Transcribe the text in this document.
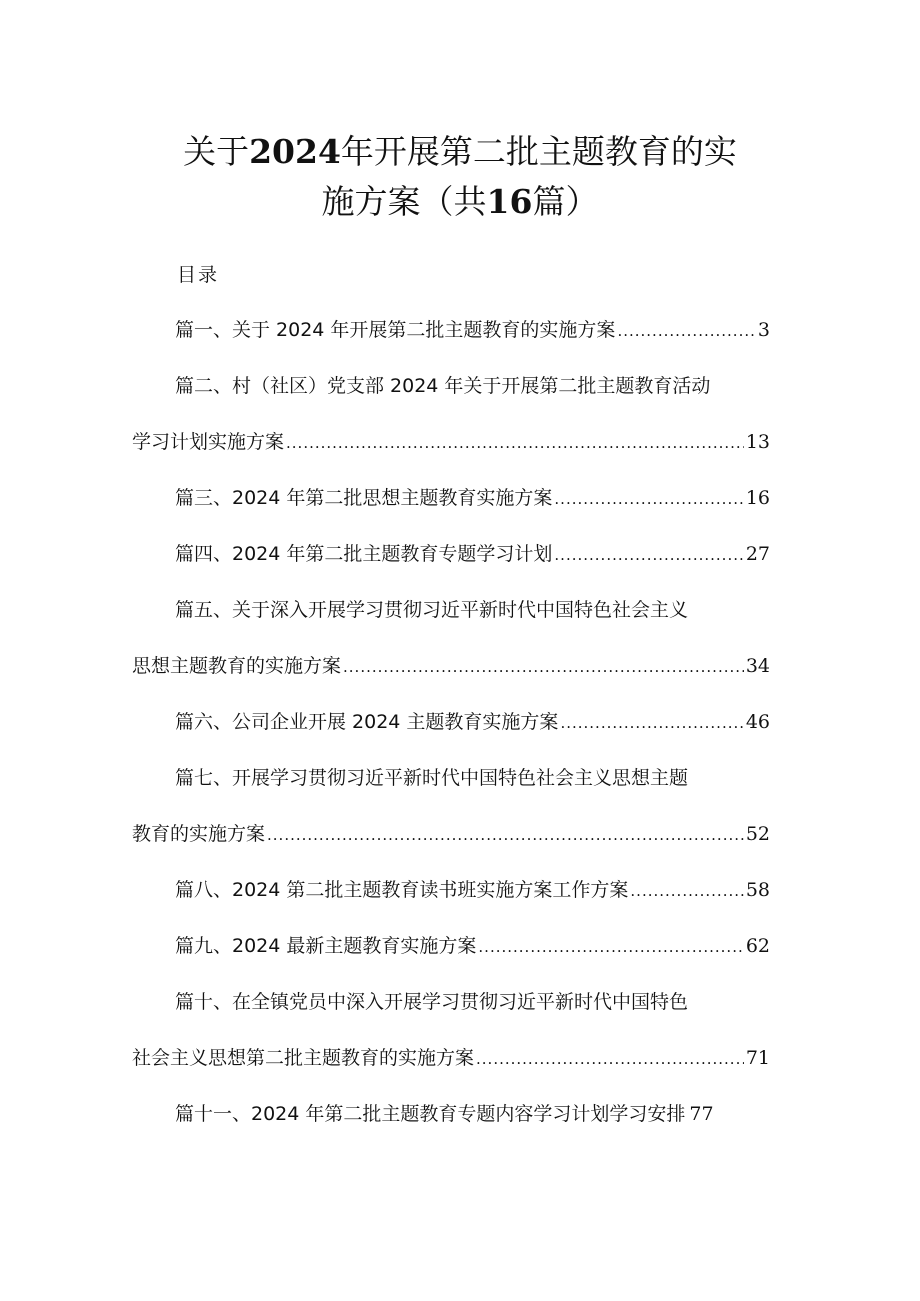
关于2024年开展第二批主题教育的实
施方案（共16篇）
目录
篇一、关于 2024 年开展第二批主题教育的实施方案 .....	3
篇二、村（社区）党支部 2024 年关于开展第二批主题教育活动
学习计划实施方案 .....	13
篇三、2024 年第二批思想主题教育实施方案 .....	16
篇四、2024 年第二批主题教育专题学习计划 .....	27
篇五、关于深入开展学习贯彻习近平新时代中国特色社会主义
思想主题教育的实施方案 .....	34
篇六、公司企业开展 2024 主题教育实施方案 .....	46
篇七、开展学习贯彻习近平新时代中国特色社会主义思想主题
教育的实施方案 .....	52
篇八、2024 第二批主题教育读书班实施方案工作方案 .....	58
篇九、2024 最新主题教育实施方案 .....	62
篇十、在全镇党员中深入开展学习贯彻习近平新时代中国特色
社会主义思想第二批主题教育的实施方案 .....	71
篇十一、2024 年第二批主题教育专题内容学习计划学习安排 77
